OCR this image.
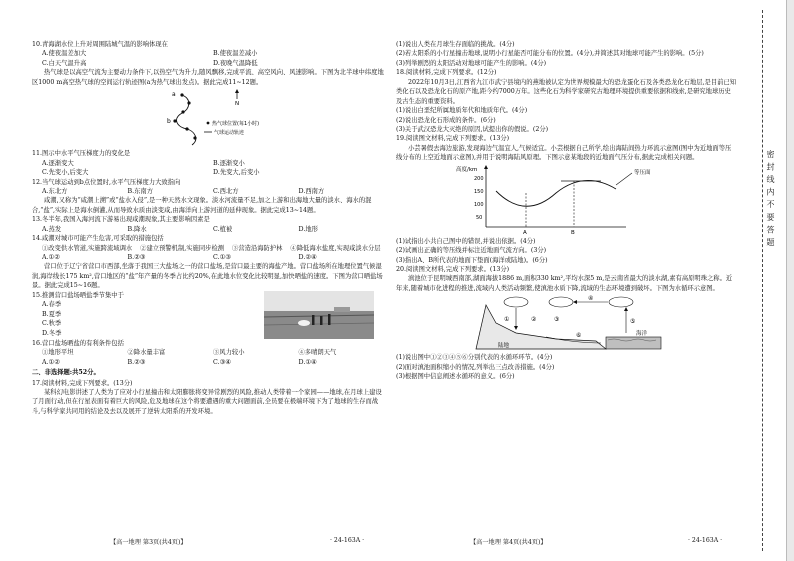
10.青海湖水位上升对周围陆城气温的影响体现在

A.使夜温差加大	B.使夜温差减小
C.白天气温升高	D.夜晚气温降低

热气球是以高空气流为主要动力条件下,以热空气为升力,随风飘移,完成平流、高空风向、风速影响。下图为北半球中纬度地区1000 m高空热气球的空间运行轨迹图(a为热气球出发点)。据此完成11~12题。

a
b
N
热气球位置(每1小时)
气球运动轨迹

11.图示中水平气压梯度力的变化是

A.逐渐变大	B.逐渐变小
C.先变小,后变大	D.先变大,后变小

12.当气球运动到b点位置时,水平气压梯度力大致指向

A.东北方	B.东南方	C.西北方	D.西南方

咸潮,又称为“咸潮上溯”或“盐水入侵”,是一种天然水文现象。淡水河流量不足,加之上游和出海地大量的淡水、海水的混合,“盐”,实际上是海水倒灌,从而导致水质由淡变咸,由海洋向上游河道的延伸现象。据此完成13~14题。

13.冬半年,我国入海河流下游易出现咸潮现象,其主要影响因素是

A.蒸发	B.降水	C.植被	D.地形

14.咸潮对城市可能产生危害,可采取的措施包括

①改变供水管道,实施跨流域调水 ②建立预警机制,实施同步检测 ③营造沿海防护林 ④降低海水盐度,实现咸淡水分层
A.①②	B.②③	C.①③	D.②④

营口位于辽宁省营口市西部,坐落于我国三大盐场之一的营口盐场,是营口最主要的海盐产地。营口盐场所在地理位置气候湿润,海岸线长175 km²,营口地区的“盐”年产量的冬季占比约20%,在此地水位变化比较明显,加快晒盐的速度。下图为营口晒盐场景。据此完成15~16题。

15.推测营口盐场晒盐季节集中于

A.春季
B.夏季
C.秋季
D.冬季

16.营口盐场晒盐的有利条件包括

①地形平坦	②降水量丰富	③风力较小	④多晴朗天气
A.①②	B.②③	C.③④	D.①④

二、非选择题:共52分。

17.阅读材料,完成下列要求。(13分)

某科幻电影讲述了人类为了应对小行星撞击和太阳膨胀将变异常剧烈的风险,推动人类带着一个家园——地球,在月球上建设了月面行动,但在行星表面有着巨大的风险,危及地球在这个将要遭遇的重大问题面前,全员要在极端环境下为了地球的生存而战斗,与科学家共同用的结论及去以及展开了逆转太阳系的开发环境。

(1)说出人类在月球生存面临的挑战。(4分)

(2)若太阳系的小行星撞击地球,说明小行星能否可能分布的位置。(4分),并简述其对地球可能产生的影响。(5分)

(3)列举剧烈的太阳活动对地球可能产生的影响。(4分)

18.阅读材料,完成下列要求。(12分)

2022年10月3日,江西省九江市武宁县境内的燕地被认定为世界规模最大的恐龙蛋化石及各类恐龙化石地层,是目前已知类化石以及恐龙化石的原产地,距今约7000万年。这些化石为科学家研究古地理环境提供重要依据和线索,是研究地球历史及古生态的重要资料。

(1)说出白垩纪所属地质年代和地质年代。(4分)

(2)说出恐龙化石形成的条件。(6分)

(3)关于武汉恐龙大灭绝的原因,试提出你的假说。(2分)

19.阅读图文材料,完成下列要求。(13分)

小芸暑假去海边旅游,发现海边气温宜人,气候适宜。小芸根据自己所学,绘出海陆间热力环流示意图(图中为近地面等压线分布的上空近地面示意图),并用于说明海陆风原理。下图示意某地段的近地面气压分布,据此完成相关问题。

高度/km
200
150
100
50
等压面
A	B

(1)试指出小共自己图中的错误,并说出依据。(4分)

(2)试画出正确的等压线并标注近地面气流方向。(3分)

(3)指出A、B所代表的地面下垫面(海洋或陆地)。(6分)

20.阅读图文材料,完成下列要求。(13分)

滇池位于昆明城西南部,湖面海拔1886 m,面积330 km²,平均水深5 m,是云南省最大的淡水湖,素有高原明珠之称。近年来,随着城市化进程的推进,流域内人类活动频繁,使滇池水质下降,流域的生态环境遭到破坏。下图为水循环示意图。

①	②	③
④
⑤
⑥
陆地
海洋

(1)说出图中①②③④⑤⑥分别代表的水循环环节。(4分)

(2)面对滇池面积缩小的情况,列举出三点改善措施。(4分)

(3)根据图中信息阐述水循环的意义。(6分)

【高一地理 第3页(共4页)】	· 24-163A ·	【高一地理 第4页(共4页)】	· 24-163A ·
密 封 线 内 不 要 答 题
